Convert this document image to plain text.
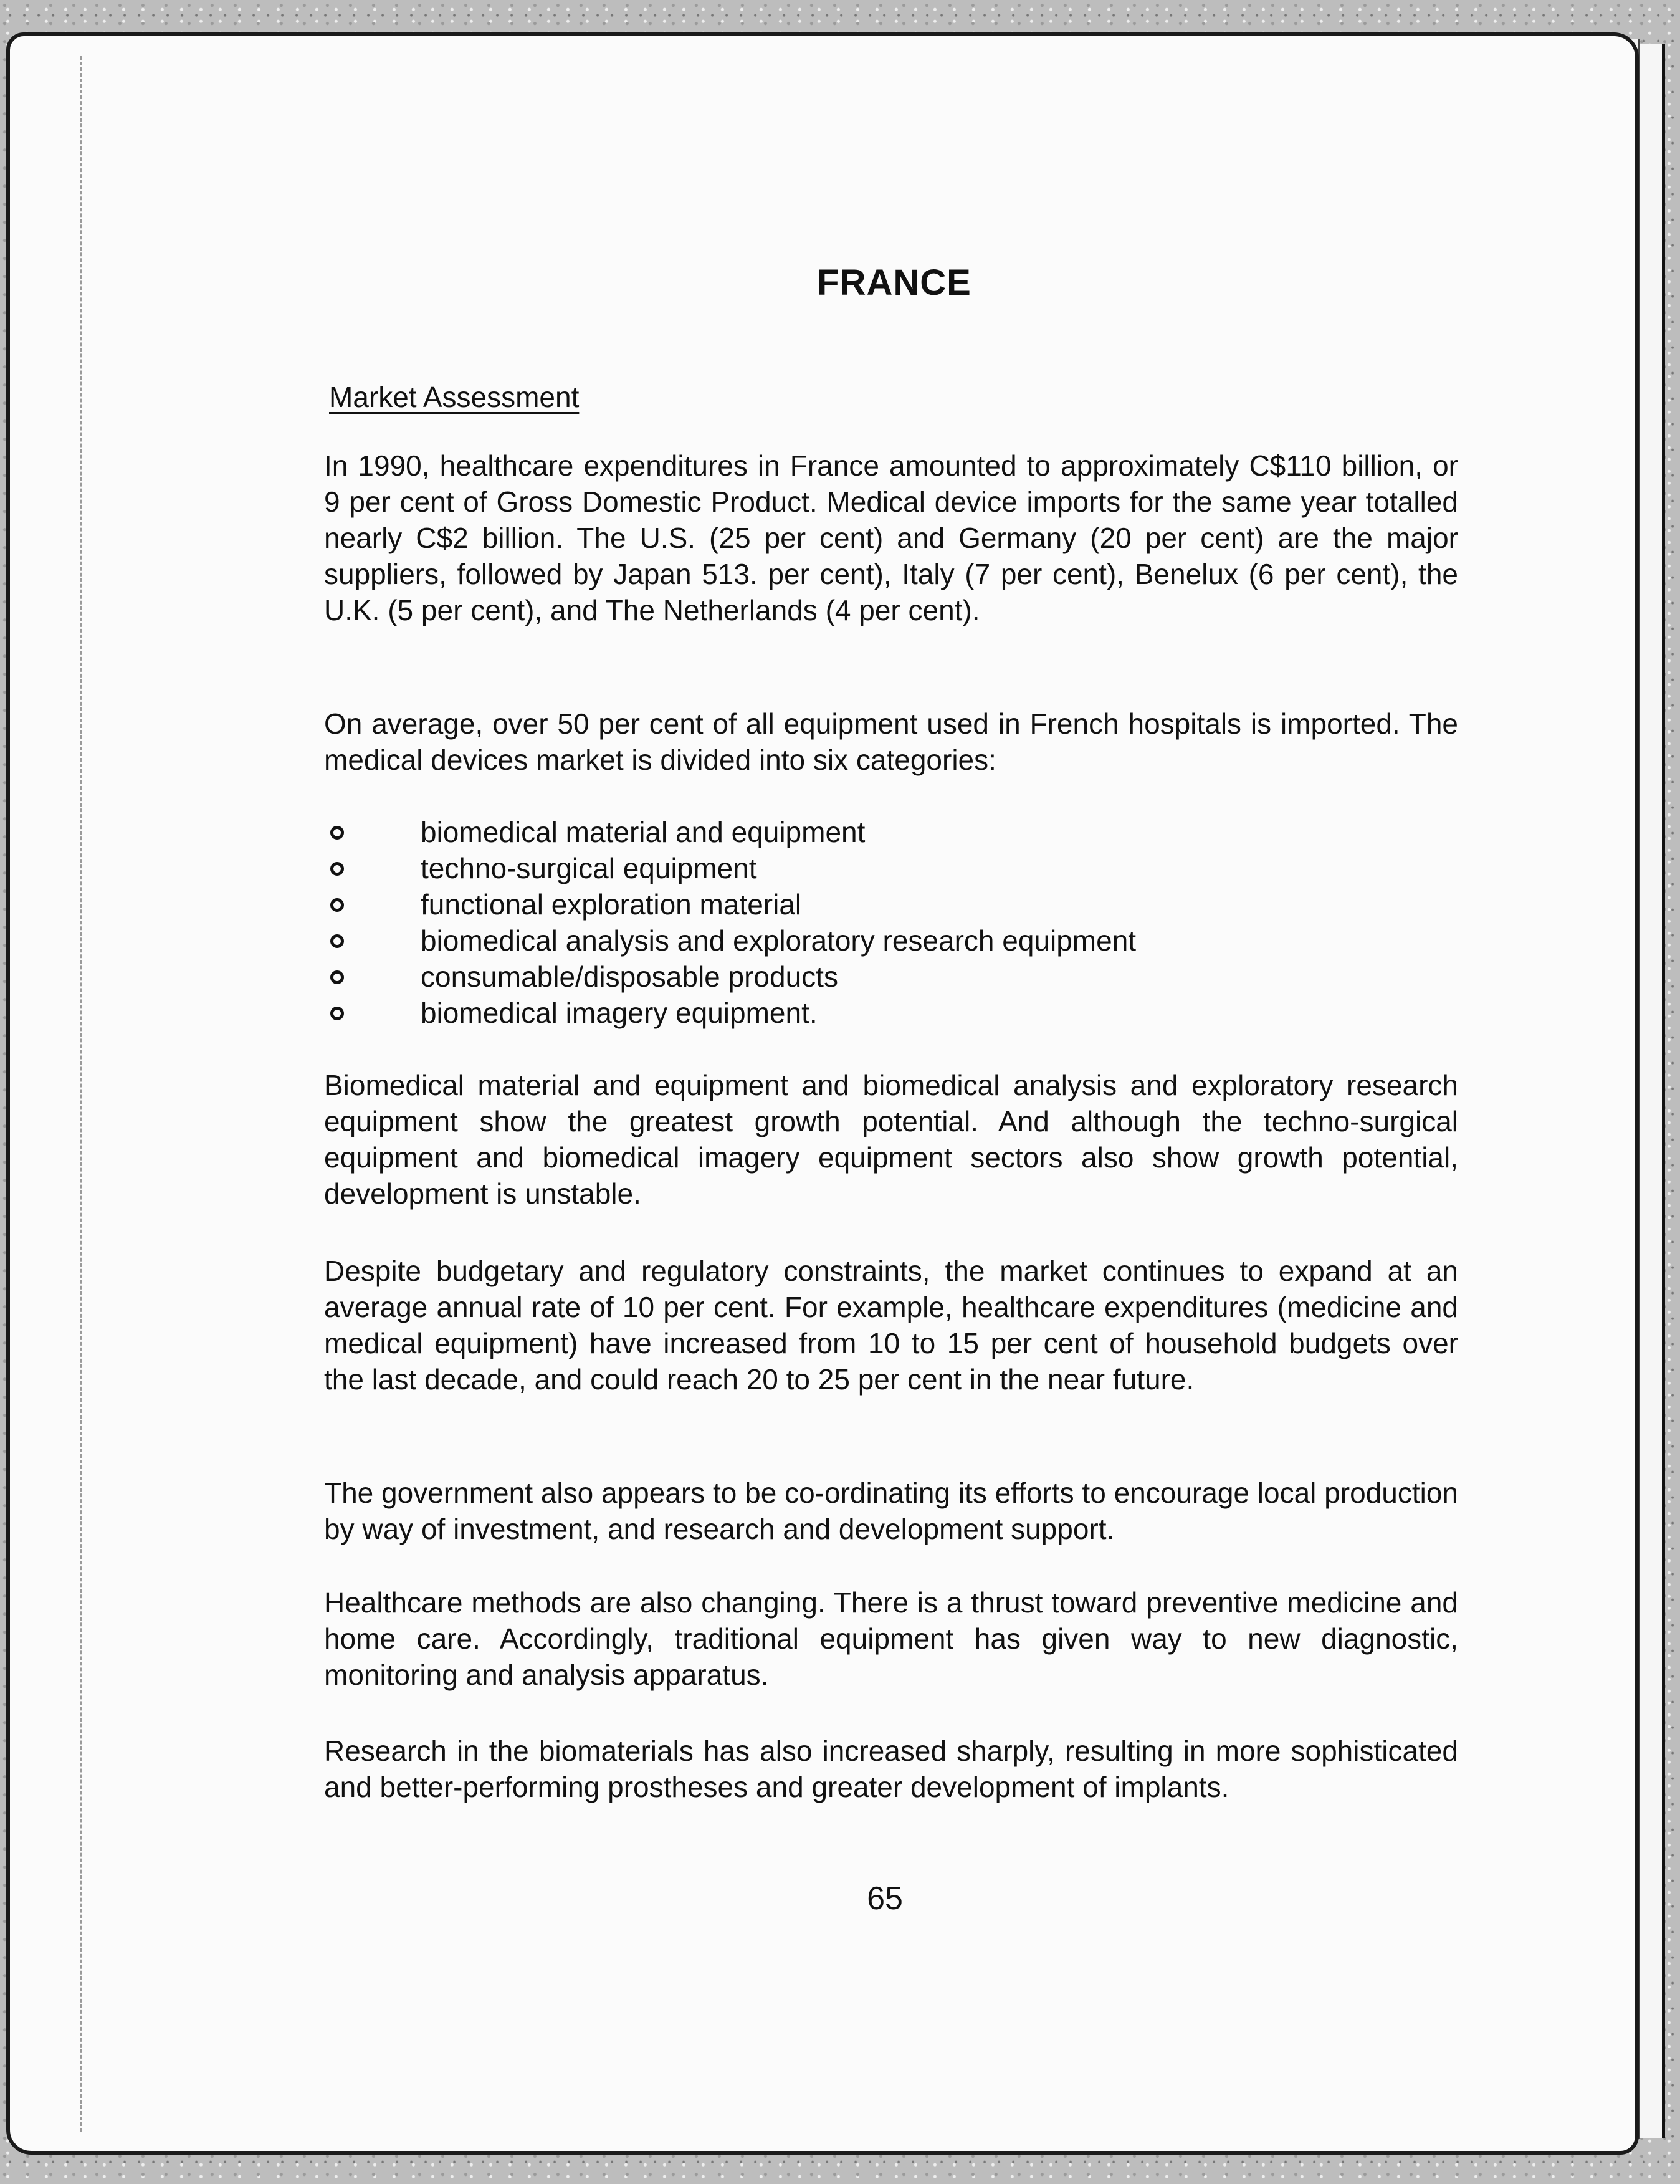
FRANCE
Market Assessment
In 1990, healthcare expenditures in France amounted to approximately C$110 billion, or 9 per cent of Gross Domestic Product. Medical device imports for the same year totalled nearly C$2 billion. The U.S. (25 per cent) and Germany (20 per cent) are the major suppliers, followed by Japan 513. per cent), Italy (7 per cent), Benelux (6 per cent), the U.K. (5 per cent), and The Netherlands (4 per cent).
On average, over 50 per cent of all equipment used in French hospitals is imported. The medical devices market is divided into six categories:
biomedical material and equipment
techno-surgical equipment
functional exploration material
biomedical analysis and exploratory research equipment
consumable/disposable products
biomedical imagery equipment.
Biomedical material and equipment and biomedical analysis and exploratory research equipment show the greatest growth potential. And although the techno-surgical equipment and biomedical imagery equipment sectors also show growth potential, development is unstable.
Despite budgetary and regulatory constraints, the market continues to expand at an average annual rate of 10 per cent. For example, healthcare expenditures (medicine and medical equipment) have increased from 10 to 15 per cent of household budgets over the last decade, and could reach 20 to 25 per cent in the near future.
The government also appears to be co-ordinating its efforts to encourage local production by way of investment, and research and development support.
Healthcare methods are also changing. There is a thrust toward preventive medicine and home care. Accordingly, traditional equipment has given way to new diagnostic, monitoring and analysis apparatus.
Research in the biomaterials has also increased sharply, resulting in more sophisticated and better-performing prostheses and greater development of implants.
65
